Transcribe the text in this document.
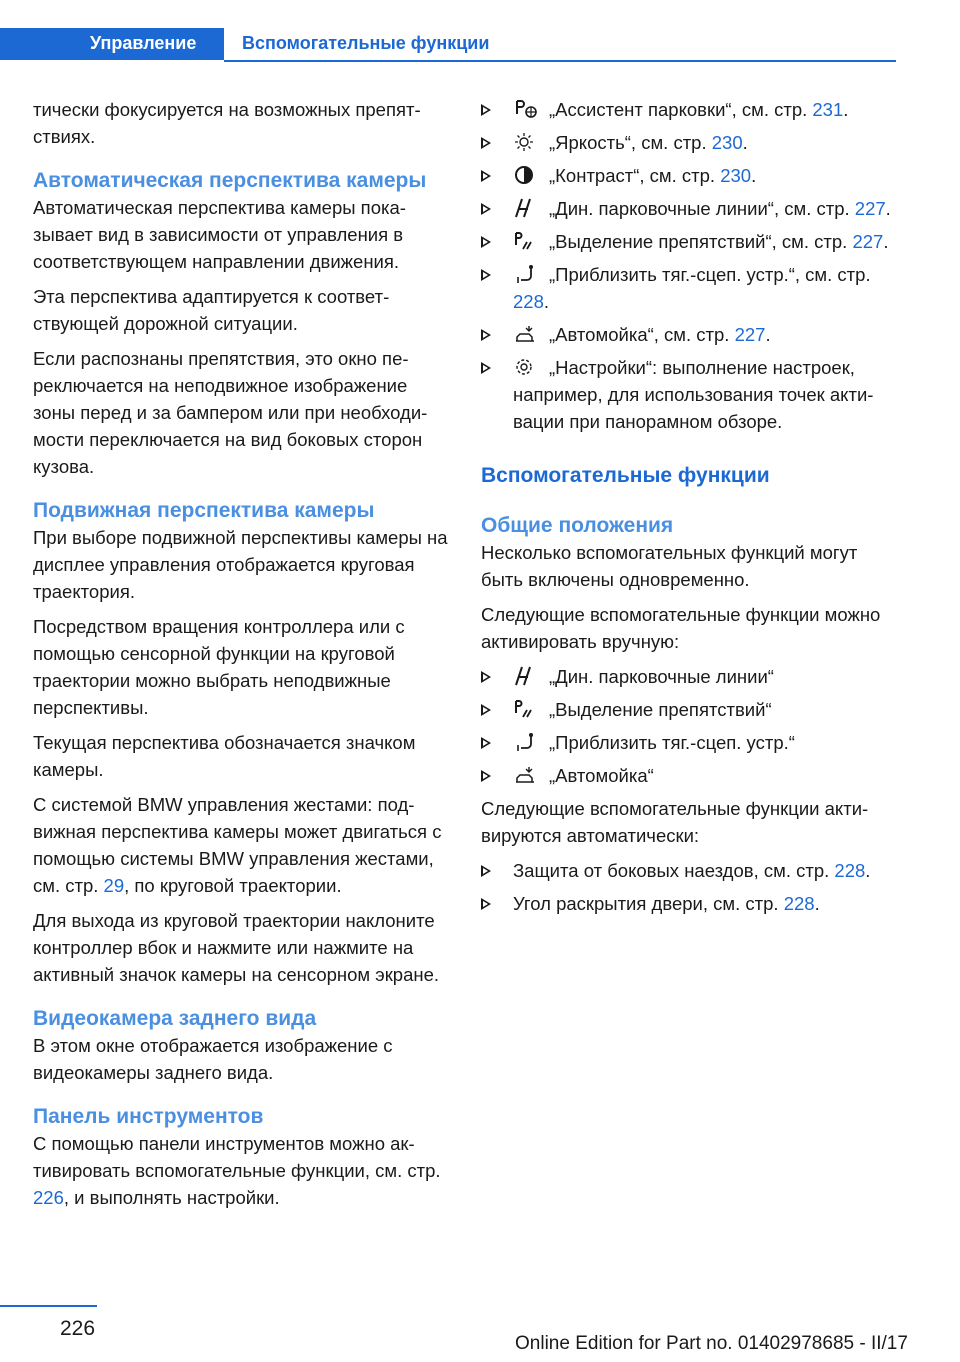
Управление	Вспомогательные функции

тически фокусируется на возможных препятствиях.

Автоматическая перспектива камеры

Автоматическая перспектива камеры показывает вид в зависимости от управления в соответствующем направлении движения.

Эта перспектива адаптируется к соответствующей дорожной ситуации.

Если распознаны препятствия, это окно переключается на неподвижное изображение зоны перед и за бампером или при необходимости переключается на вид боковых сторон кузова.

Подвижная перспектива камеры

При выборе подвижной перспективы камеры на дисплее управления отображается круговая траектория.

Посредством вращения контроллера или с помощью сенсорной функции на круговой траектории можно выбрать неподвижные перспективы.

Текущая перспектива обозначается значком камеры.

С системой BMW управления жестами: подвижная перспектива камеры может двигаться с помощью системы BMW управления жестами, см. стр. 29, по круговой траектории.

Для выхода из круговой траектории наклоните контроллер вбок и нажмите или нажмите на активный значок камеры на сенсорном экране.

Видеокамера заднего вида

В этом окне отображается изображение с видеокамеры заднего вида.

Панель инструментов

С помощью панели инструментов можно активировать вспомогательные функции, см. стр. 226, и выполнять настройки.

„Ассистент парковки“, см. стр. 231.
„Яркость“, см. стр. 230.
„Контраст“, см. стр. 230.
„Дин. парковочные линии“, см. стр. 227.
„Выделение препятствий“, см. стр. 227.
„Приблизить тяг.-сцеп. устр.“, см. стр. 228.
„Автомойка“, см. стр. 227.
„Настройки“: выполнение настроек, например, для использования точек активации при панорамном обзоре.
Вспомогательные функции
Общие положения

Несколько вспомогательных функций могут быть включены одновременно.

Следующие вспомогательные функции можно активировать вручную:

„Дин. парковочные линии“
„Выделение препятствий“
„Приблизить тяг.-сцеп. устр.“
„Автомойка“

Следующие вспомогательные функции активируются автоматически:

Защита от боковых наездов, см. стр. 228.
Угол раскрытия двери, см. стр. 228.
226
Online Edition for Part no. 01402978685 - II/17
